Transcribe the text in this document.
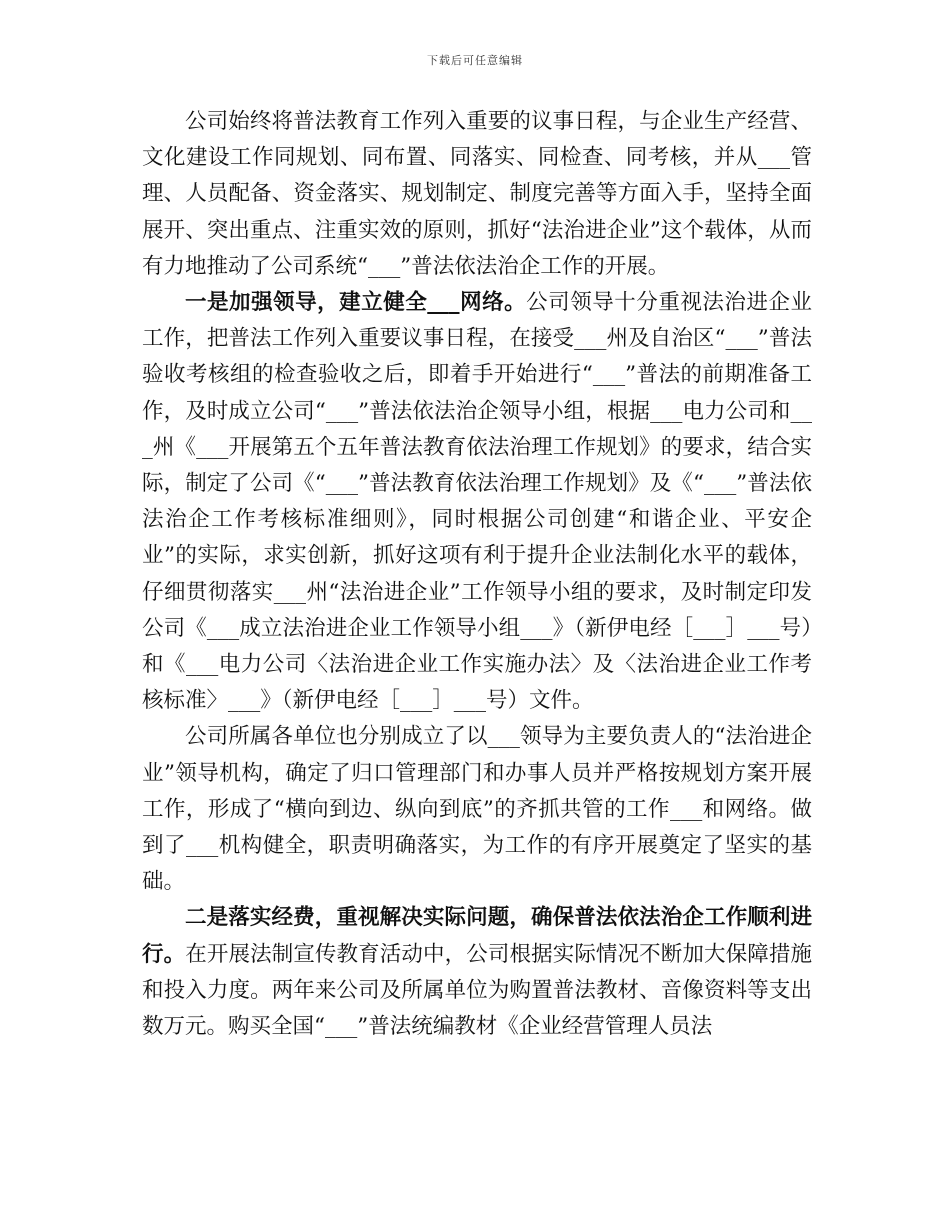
下载后可任意编辑

公司始终将普法教育工作列入重要的议事日程，与企业生产经营、文化建设工作同规划、同布置、同落实、同检查、同考核，并从___管理、人员配备、资金落实、规划制定、制度完善等方面入手，坚持全面展开、突出重点、注重实效的原则，抓好“法治进企业”这个载体，从而有力地推动了公司系统“___”普法依法治企工作的开展。

一是加强领导，建立健全___网络。公司领导十分重视法治进企业工作，把普法工作列入重要议事日程，在接受___州及自治区“___”普法验收考核组的检查验收之后，即着手开始进行“___”普法的前期准备工作，及时成立公司“___”普法依法治企领导小组，根据___电力公司和___州《___开展第五个五年普法教育依法治理工作规划》的要求，结合实际，制定了公司《“___”普法教育依法治理工作规划》及《“___”普法依法治企工作考核标准细则》，同时根据公司创建“和谐企业、平安企业”的实际，求实创新，抓好这项有利于提升企业法制化水平的载体，仔细贯彻落实___州“法治进企业”工作领导小组的要求，及时制定印发公司《___成立法治进企业工作领导小组___》（新伊电经［___］___号）和《___电力公司〈法治进企业工作实施办法〉及〈法治进企业工作考核标准〉___》（新伊电经［___］___号）文件。

公司所属各单位也分别成立了以___领导为主要负责人的“法治进企业”领导机构，确定了归口管理部门和办事人员并严格按规划方案开展工作，形成了“横向到边、纵向到底”的齐抓共管的工作___和网络。做到了___机构健全，职责明确落实，为工作的有序开展奠定了坚实的基础。

二是落实经费，重视解决实际问题，确保普法依法治企工作顺利进行。在开展法制宣传教育活动中，公司根据实际情况不断加大保障措施和投入力度。两年来公司及所属单位为购置普法教材、音像资料等支出数万元。购买全国“___”普法统编教材《企业经营管理人员法
